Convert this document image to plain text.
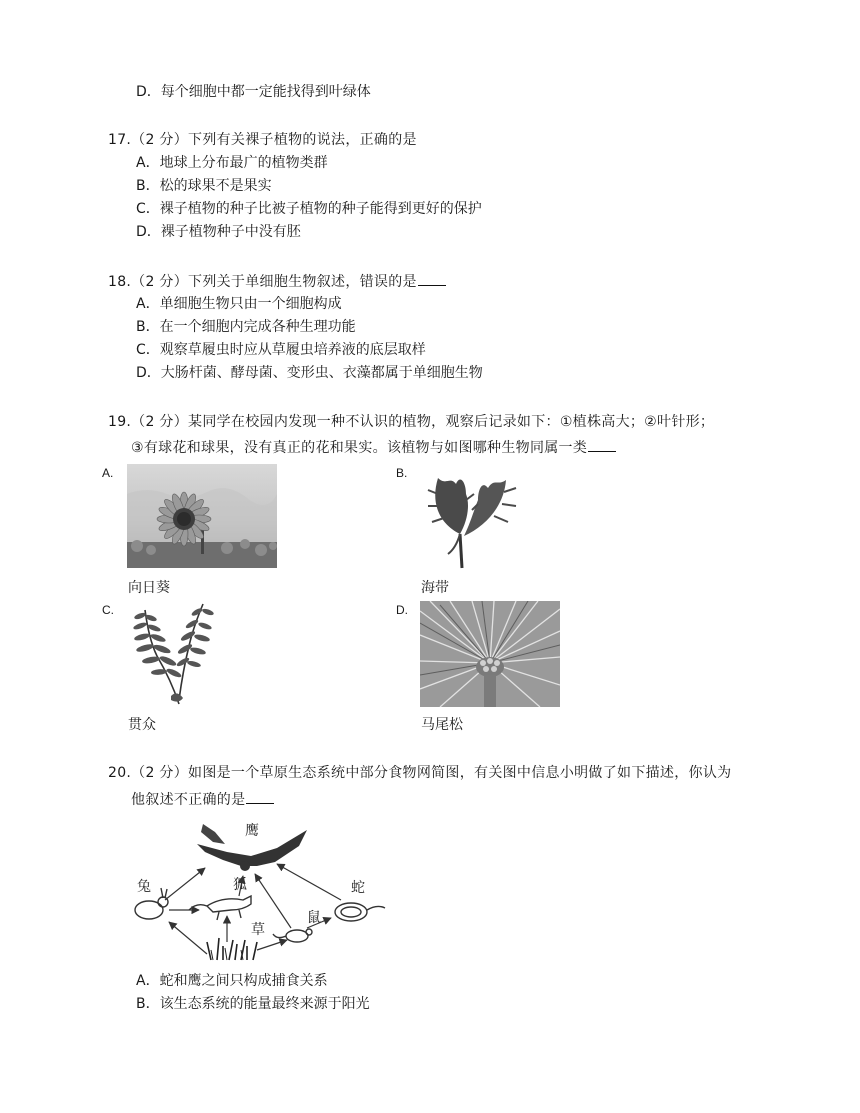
D．每个细胞中都一定能找得到叶绿体
17.（2 分）下列有关裸子植物的说法，正确的是
A．地球上分布最广的植物类群
B．松的球果不是果实
C．裸子植物的种子比被子植物的种子能得到更好的保护
D．裸子植物种子中没有胚
18.（2 分）下列关于单细胞生物叙述，错误的是
A．单细胞生物只由一个细胞构成
B．在一个细胞内完成各种生理功能
C．观察草履虫时应从草履虫培养液的底层取样
D．大肠杆菌、酵母菌、变形虫、衣藻都属于单细胞生物
19.（2 分）某同学在校园内发现一种不认识的植物，观察后记录如下：①植株高大；②叶针形；
③有球花和球果，没有真正的花和果实。该植物与如图哪种生物同属一类
A.
向日葵
B.
海带
C.
贯众
D.
马尾松
20.（2 分）如图是一个草原生态系统中部分食物网简图，有关图中信息小明做了如下描述，你认为
他叙述不正确的是
鹰
兔	狐	蛇
鼠
草
A．蛇和鹰之间只构成捕食关系
B．该生态系统的能量最终来源于阳光
